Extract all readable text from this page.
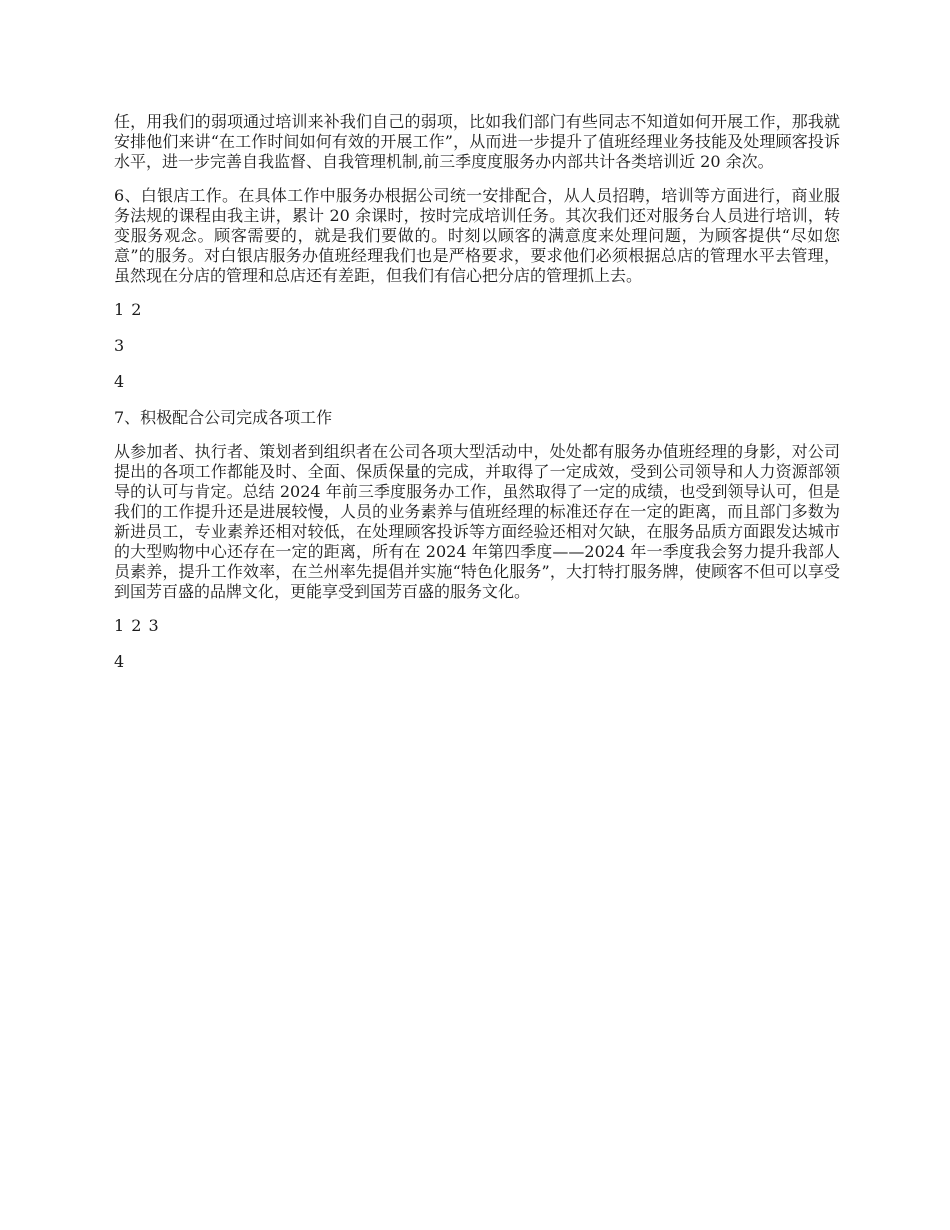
任，用我们的弱项通过培训来补我们自己的弱项，比如我们部门有些同志不知道如何开展工作，那我就安排他们来讲“在工作时间如何有效的开展工作”，从而进一步提升了值班经理业务技能及处理顾客投诉水平，进一步完善自我监督、自我管理机制,前三季度度服务办内部共计各类培训近 20 余次。

6、白银店工作。在具体工作中服务办根据公司统一安排配合，从人员招聘，培训等方面进行，商业服务法规的课程由我主讲，累计 20 余课时，按时完成培训任务。其次我们还对服务台人员进行培训，转变服务观念。顾客需要的，就是我们要做的。时刻以顾客的满意度来处理问题，为顾客提供“尽如您意”的服务。对白银店服务办值班经理我们也是严格要求，要求他们必须根据总店的管理水平去管理，虽然现在分店的管理和总店还有差距，但我们有信心把分店的管理抓上去。

1 2

3

4

7、积极配合公司完成各项工作

从参加者、执行者、策划者到组织者在公司各项大型活动中，处处都有服务办值班经理的身影，对公司提出的各项工作都能及时、全面、保质保量的完成，并取得了一定成效，受到公司领导和人力资源部领导的认可与肯定。总结 2024 年前三季度服务办工作，虽然取得了一定的成绩，也受到领导认可，但是我们的工作提升还是进展较慢，人员的业务素养与值班经理的标准还存在一定的距离，而且部门多数为新进员工，专业素养还相对较低，在处理顾客投诉等方面经验还相对欠缺，在服务品质方面跟发达城市的大型购物中心还存在一定的距离，所有在 2024 年第四季度——2024 年一季度我会努力提升我部人员素养，提升工作效率，在兰州率先提倡并实施“特色化服务”，大打特打服务牌，使顾客不但可以享受到国芳百盛的品牌文化，更能享受到国芳百盛的服务文化。

1 2 3

4
